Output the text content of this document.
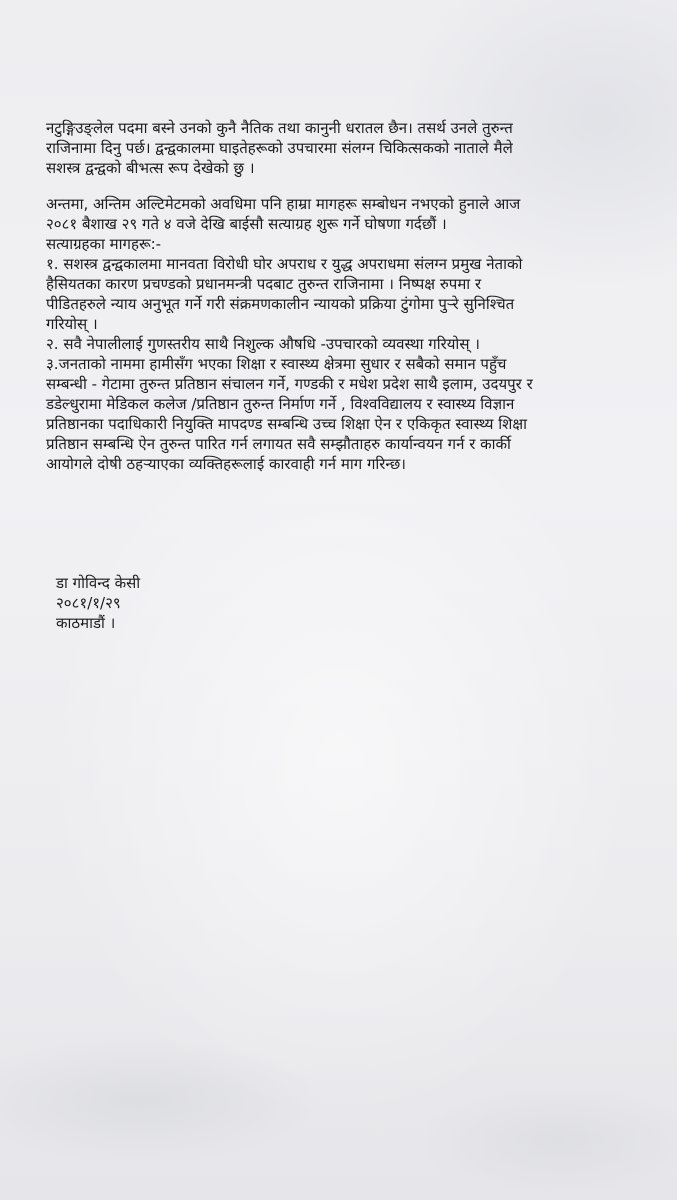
नटुङ्गिउङ्लेल पदमा बस्ने उनको कुनै नैतिक तथा कानुनी धरातल छैन। तसर्थ उनले तुरुन्त
राजिनामा दिनु पर्छ। द्वन्द्वकालमा घाइतेहरूको उपचारमा संलग्न चिकित्सकको नाताले मैले
सशस्त्र द्वन्द्वको बीभत्स रूप देखेको छु ।
अन्तमा, अन्तिम अल्टिमेटमको अवधिमा पनि हाम्रा मागहरू सम्बोधन नभएको हुनाले आज
२०८१ बैशाख २९ गते ४ वजे देखि बाईसौ सत्याग्रह शुरू गर्ने घोषणा गर्दछौं ।
सत्याग्रहका मागहरू:-
१. सशस्त्र द्वन्द्वकालमा मानवता विरोधी घोर अपराध र युद्ध अपराधमा संलग्न प्रमुख नेताको
हैसियतका कारण प्रचण्डको प्रधानमन्त्री पदबाट तुरुन्त राजिनामा । निष्पक्ष रुपमा र
पीडितहरुले न्याय अनुभूत गर्ने गरी संक्रमणकालीन न्यायको प्रक्रिया टुंगोमा पुर्‍रे सुनिश्चित
गरियोस् ।
२. सवै नेपालीलाई गुणस्तरीय साथै निशुल्क औषधि -उपचारको व्यवस्था गरियोस् ।
३.जनताको नाममा हामीसँग भएका शिक्षा र स्वास्थ्य क्षेत्रमा सुधार र सबैको समान पहुँच
सम्बन्धी - गेटामा तुरुन्त प्रतिष्ठान संचालन गर्ने, गण्डकी र मधेश प्रदेश साथै इलाम, उदयपुर र
डडेल्धुरामा मेडिकल कलेज /प्रतिष्ठान तुरुन्त निर्माण गर्ने , विश्वविद्यालय र स्वास्थ्य विज्ञान
प्रतिष्ठानका पदाधिकारी नियुक्ति मापदण्ड सम्बन्धि उच्च शिक्षा ऐन र एकिकृत स्वास्थ्य शिक्षा
प्रतिष्ठान सम्बन्धि ऐन तुरुन्त पारित गर्न लगायत सवै सम्झौताहरु कार्यान्वयन गर्न र कार्की
आयोगले दोषी ठहऱ्याएका व्यक्तिहरूलाई कारवाही गर्न माग गरिन्छ।
डा गोविन्द केसी
२०८१/१/२९
काठमाडौं ।
